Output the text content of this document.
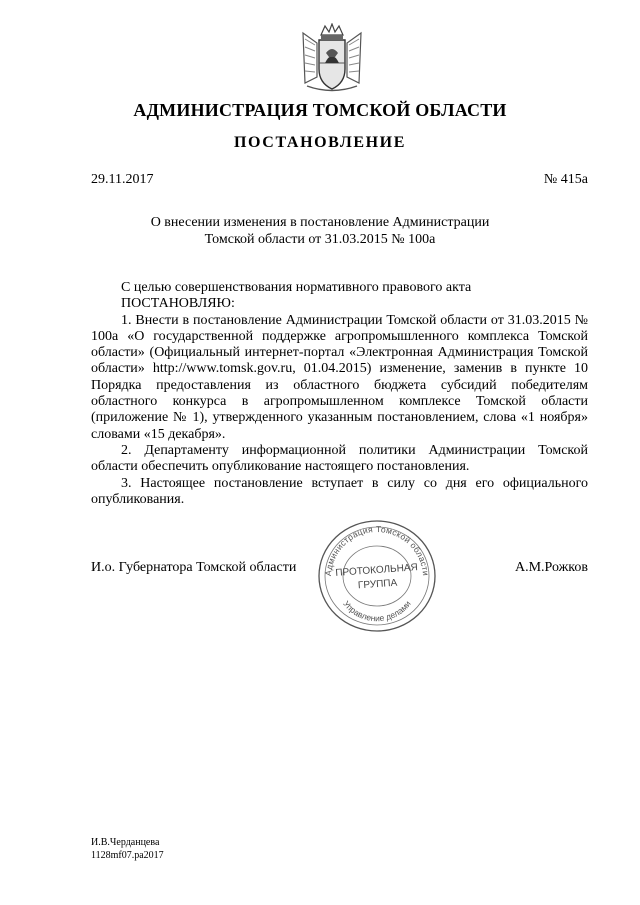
АДМИНИСТРАЦИЯ ТОМСКОЙ ОБЛАСТИ
ПОСТАНОВЛЕНИЕ
29.11.2017	№ 415а
О внесении изменения в постановление Администрации
Томской области от 31.03.2015 № 100а

С целью совершенствования нормативного правового акта

ПОСТАНОВЛЯЮ:

1. Внести в постановление Администрации Томской области от 31.03.2015 № 100а «О государственной поддержке агропромышленного комплекса Томской области» (Официальный интернет-портал «Электронная Администрация Томской области» http://www.tomsk.gov.ru, 01.04.2015) изменение, заменив в пункте 10 Порядка предоставления из областного бюджета субсидий победителям областного конкурса в агропромышленном комплексе Томской области (приложение № 1), утвержденного указанным постановлением, слова «1 ноября» словами «15 декабря».

2. Департаменту информационной политики Администрации Томской области обеспечить опубликование настоящего постановления.

3. Настоящее постановление вступает в силу со дня его официального опубликования.

И.о. Губернатора Томской области	А.М.Рожков
Администрация Томской области
Управление делами
ПРОТОКОЛЬНАЯ
ГРУППА
И.В.Черданцева
1128mf07.pa2017
